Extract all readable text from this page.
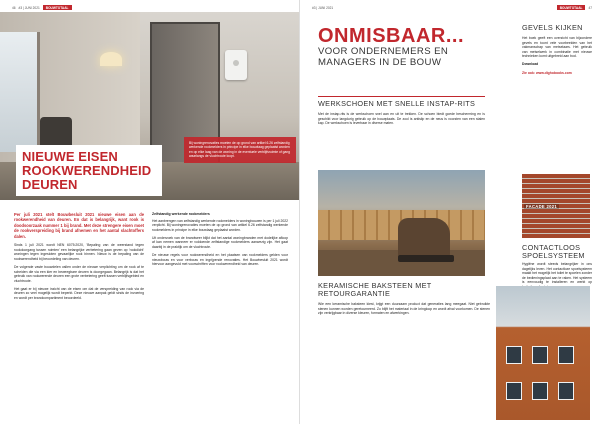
46 #3 | JUNI 2021	BOUWTOTAAL
Bij woningrenovaties moeten de op grond van artikel 6.26 zelfstandig werkende rookmelders in principe in elke bouwlaag geplaatst worden en op elke laag van de woning in de eventuele verblijfsruimte of gang waarlangs de vluchtroute loopt.
NIEUWE EISEN ROOKWERENDHEID DEUREN
Per juli 2021 stelt Bouwbesluit 2021 nieuwe eisen aan de rookwerendheid van deuren. En dat is belangrijk, want rook is doodsoorzaak nummer 1 bij brand. Met deze strengere eisen moet de rookverspreiding bij brand afnemen en het aantal slachtoffers dalen.
Sinds 1 juli 2021 wordt NEN 6075:2020, 'Bepaling van de weerstand tegen rookdoorgang tussen ruimten' een belangrijke verbetering gaan geven op 'rookdicht' woningen tegen ingesloten gevaarlijke rook binnen. Nieuw is de bepaling van de rookwerendheid bij beoordeling van deuren.
De volgende vaste bouwdelen vallen onder de nieuwe verplichting om de rook af te scheiden die via een kier en beweegbare deuren is doorgegaan. Belangrijk is dat het gebruik van rookwerende deuren een grote verbetering geeft tussen verblijfsgebied en vluchtroute.
Het gaat er bij nieuwe inzicht van de eisen om dat de verspreiding van rook via de deuren zo veel mogelijk wordt beperkt. Deze nieuwe aanpak geldt sinds de invoering en wordt per brandcompartiment beoordeeld.
Zelfstandig werkende rookmelders
Het aanbrengen van zelfstandig werkende rookmelders in woningbouwen is per 1 juli 2022 verplicht. Bij woningrenovaties moeten de op grond van artikel 6.26 zelfstandig werkende rookmelders in principe in elke bouwlaag geplaatst worden.
Uit onderzoek van de brandweer blijkt dat het aantal woningbranden met dodelijke afloop af kan nemen wanneer er voldoende zelfstandige rookmelders aanwezig zijn. Het gaat daarbij in de praktijk om de vluchtroute.
De nieuwe regels voor rookwerendheid en het plaatsen van rookmelders gelden voor nieuwbouw en voor verbouw en ingrijpende renovaties. Het Bouwbesluit 2021 wordt hiervoor aangevuld met voorschriften voor rookwerendheid van deuren.
#3 | JUNI 2021	BOUWTOTAAL	47
ONMISBAAR...
VOOR ONDERNEMERS EN MANAGERS IN DE BOUW
WERKSCHOEN MET SNELLE INSTAP-RITS
Met de instap-rits is de werkschoen snel aan en uit te trekken. De schoen biedt goede bescherming en is geschikt voor langdurig gebruik op de bouwplaats. De zool is antislip en de neus is voorzien van een stalen kap. De werkschoen is leverbaar in diverse maten.
KERAMISCHE BAKSTEEN MET RETOURGARANTIE
Wie een keramische baksteen kiest, krijgt een duurzaam product dat generaties lang meegaat. Niet gebruikte stenen kunnen worden geretourneerd. Zo blijft het materiaal in de kringloop en wordt afval voorkomen. De stenen zijn verkrijgbaar in diverse kleuren, formaten en afwerkingen.
GEVELS KIJKEN
Het boek geeft een overzicht van bijzondere gevels en toont vele voorbeelden van het vakmanschap van metselaars. Het gebruik van metselwerk in combinatie met nieuwe technieken komt uitgebreid aan bod.
Download
Zie ook: www.dighobooks.com
FACADE 2021
CONTACTLOOS SPOELSYSTEEM
Hygiëne wordt steeds belangrijker in ons dagelijks leven. Het contactloze spoelsysteem maakt het mogelijk het toilet te spoelen zonder de bedieningsplaat aan te raken. Het systeem is eenvoudig te installeren en werkt op
